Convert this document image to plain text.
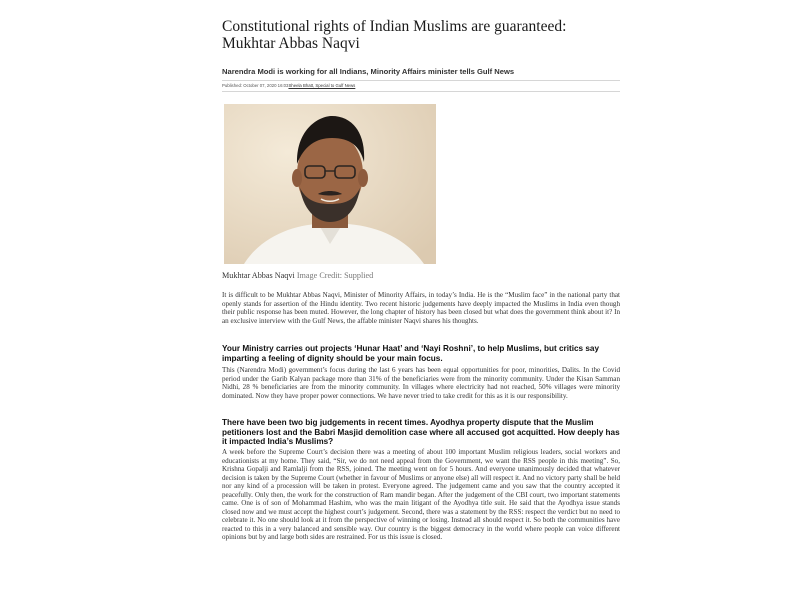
Constitutional rights of Indian Muslims are guaranteed: Mukhtar Abbas Naqvi
Narendra Modi is working for all Indians, Minority Affairs minister tells Gulf News
Published: October 07, 2020 16:03Sheela Bhatt, Special to Gulf News
Mukhtar Abbas Naqvi Image Credit: Supplied

It is difficult to be Mukhtar Abbas Naqvi, Minister of Minority Affairs, in today’s India. He is the “Muslim face” in the national party that openly stands for assertion of the Hindu identity. Two recent historic judgements have deeply impacted the Muslims in India even though their public response has been muted. However, the long chapter of history has been closed but what does the government think about it? In an exclusive interview with the Gulf News, the affable minister Naqvi shares his thoughts.

Your Ministry carries out projects ‘Hunar Haat’ and ‘Nayi Roshni’, to help Muslims, but critics say imparting a feeling of dignity should be your main focus.

This (Narendra Modi) government’s focus during the last 6 years has been equal opportunities for poor, minorities, Dalits. In the Covid period under the Garib Kalyan package more than 31% of the beneficiaries were from the minority community. Under the Kisan Samman Nidhi, 28 % beneficiaries are from the minority community. In villages where electricity had not reached, 50% villages were minority dominated. Now they have proper power connections. We have never tried to take credit for this as it is our responsibility.

There have been two big judgements in recent times. Ayodhya property dispute that the Muslim petitioners lost and the Babri Masjid demolition case where all accused got acquitted. How deeply has it impacted India’s Muslims?

A week before the Supreme Court’s decision there was a meeting of about 100 important Muslim religious leaders, social workers and educationists at my home. They said, “Sir, we do not need appeal from the Government, we want the RSS people in this meeting”. So, Krishna Gopalji and Ramlalji from the RSS, joined. The meeting went on for 5 hours. And everyone unanimously decided that whatever decision is taken by the Supreme Court (whether in favour of Muslims or anyone else) all will respect it. And no victory party shall be held nor any kind of a procession will be taken in protest. Everyone agreed. The judgement came and you saw that the country accepted it peacefully. Only then, the work for the construction of Ram mandir began. After the judgement of the CBI court, two important statements came. One is of son of Mohammad Hashim, who was the main litigant of the Ayodhya title suit. He said that the Ayodhya issue stands closed now and we must accept the highest court’s judgement. Second, there was a statement by the RSS: respect the verdict but no need to celebrate it. No one should look at it from the perspective of winning or losing. Instead all should respect it. So both the communities have reacted to this in a very balanced and sensible way. Our country is the biggest democracy in the world where people can voice different opinions but by and large both sides are restrained. For us this issue is closed.
